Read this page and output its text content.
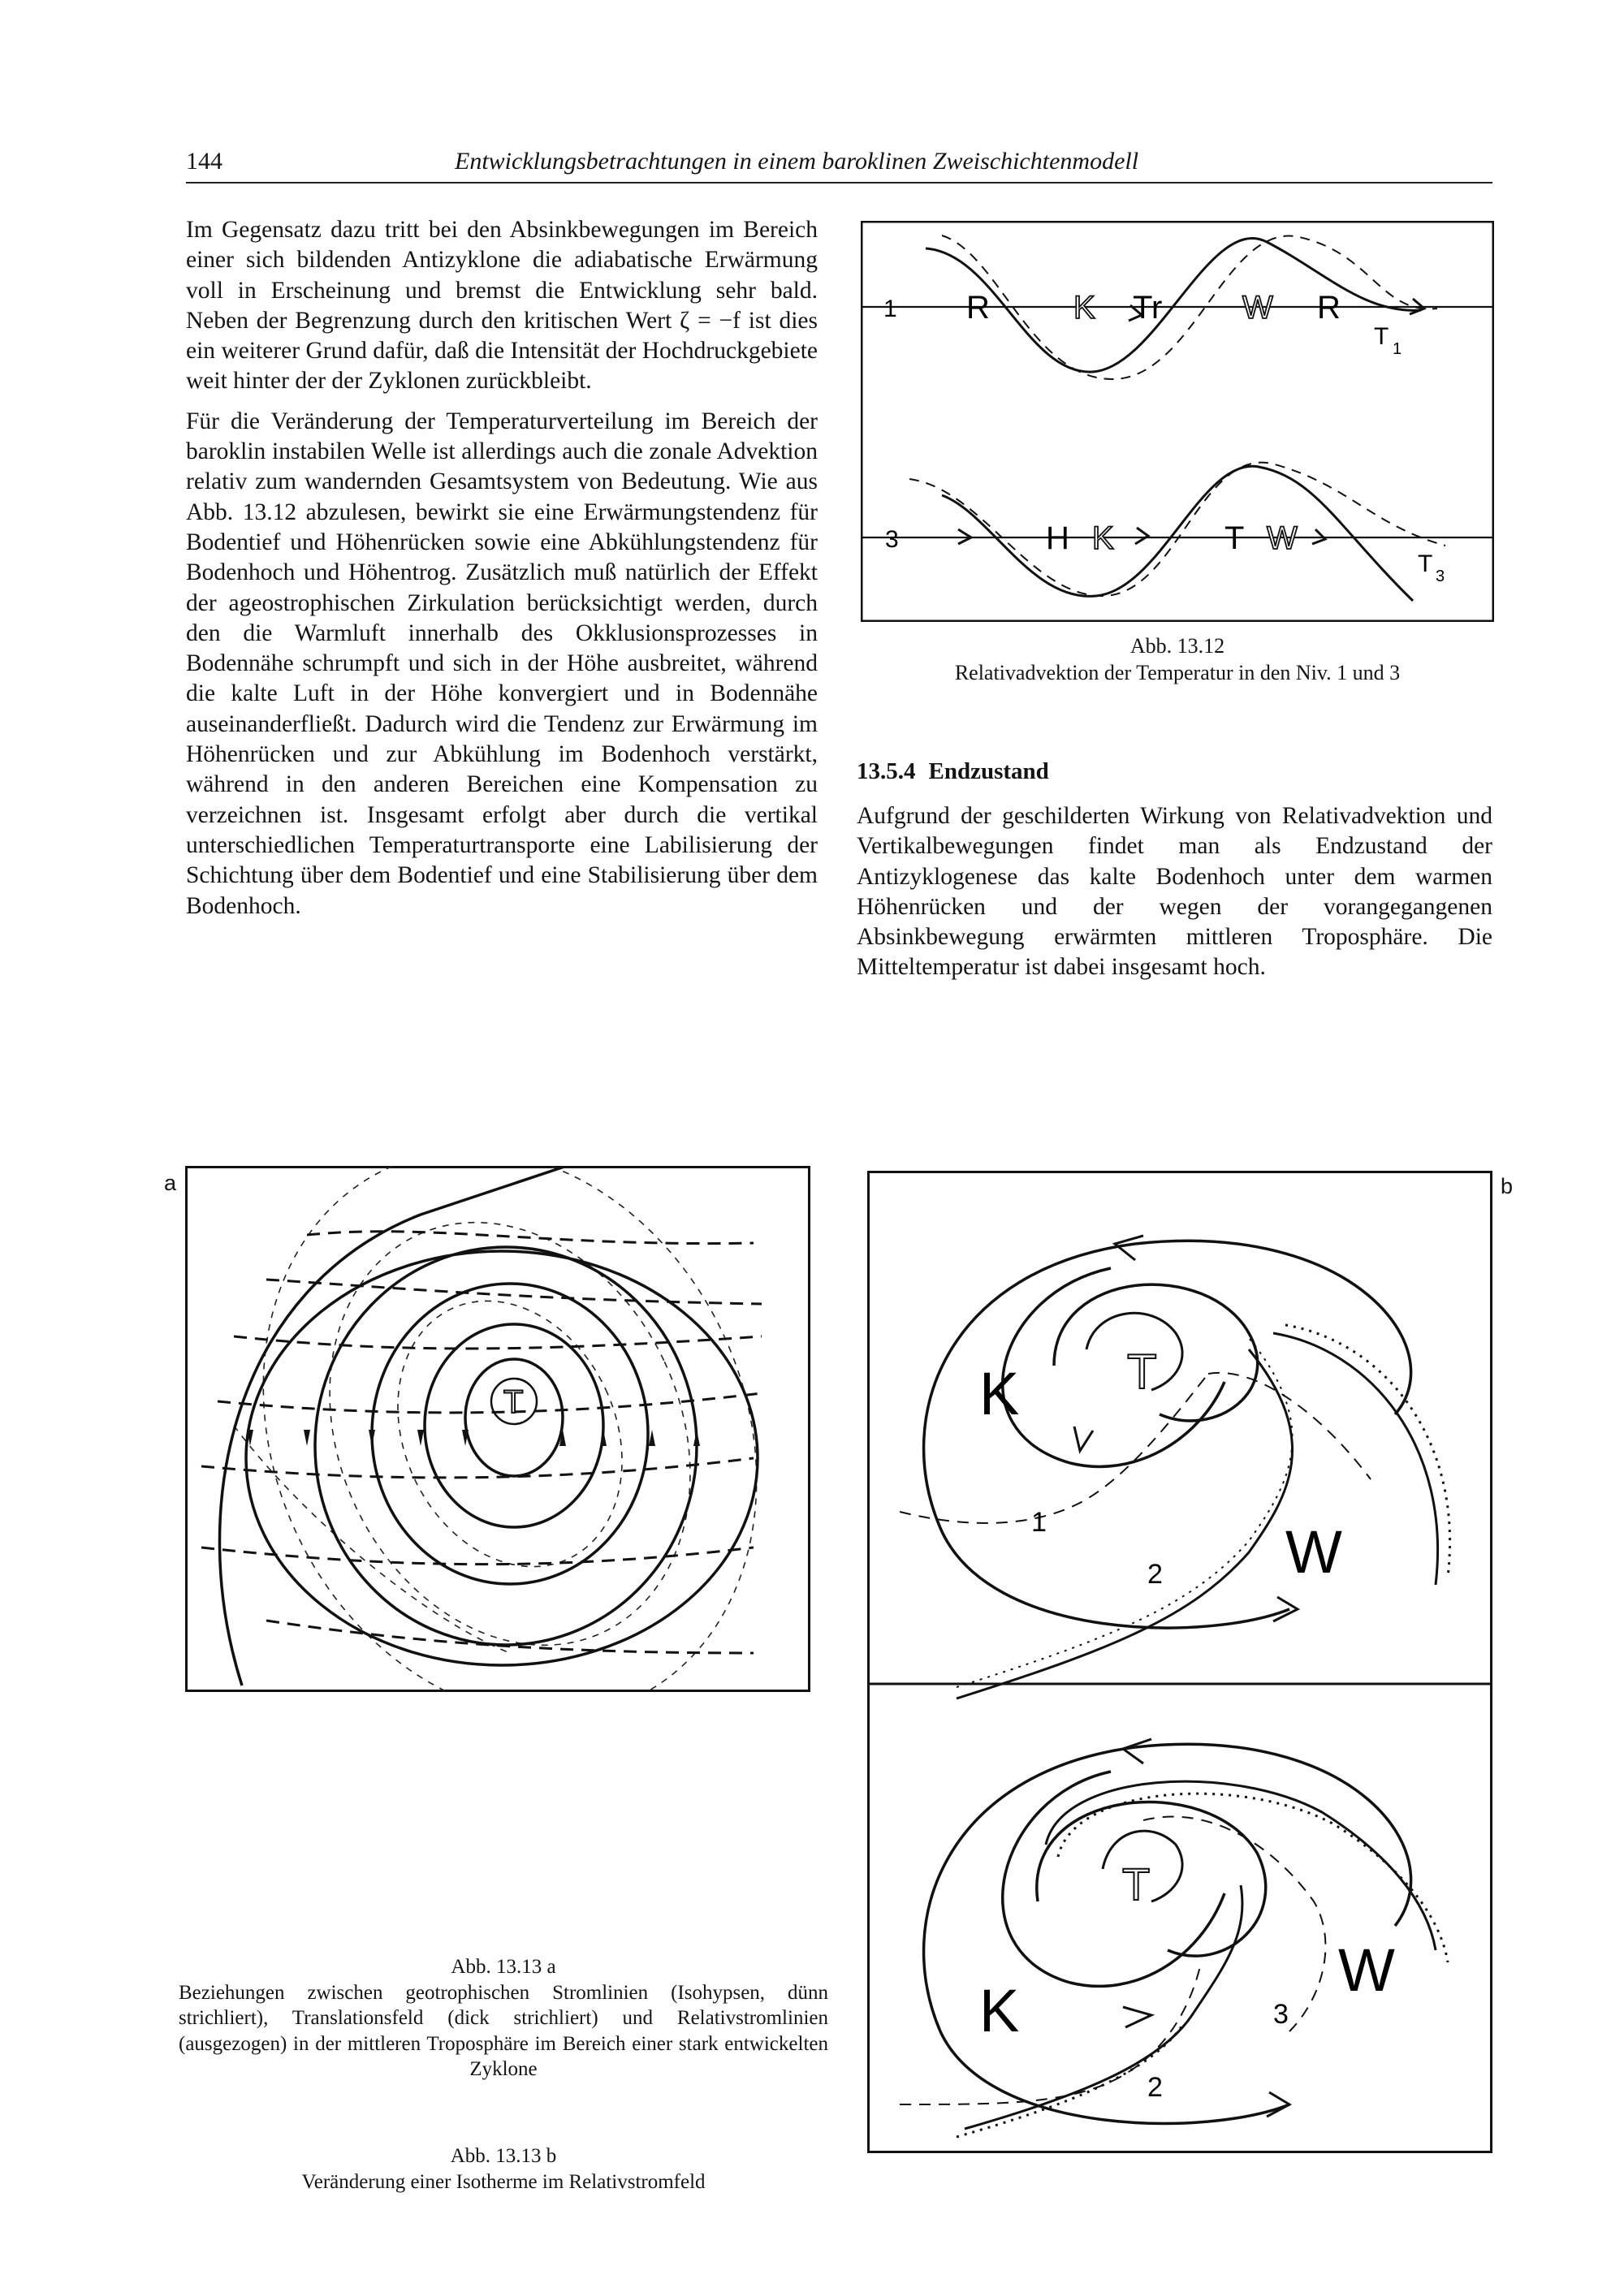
144	Entwicklungsbetrachtungen in einem baroklinen Zweischichtenmodell

Im Gegensatz dazu tritt bei den Absinkbewegungen im Bereich einer sich bildenden Antizyklone die adiabatische Erwärmung voll in Erscheinung und bremst die Entwicklung sehr bald. Neben der Begrenzung durch den kritischen Wert ζ = −f ist dies ein weiterer Grund dafür, daß die Intensität der Hochdruckgebiete weit hinter der der Zyklonen zurückbleibt.

Für die Veränderung der Temperaturverteilung im Bereich der baroklin instabilen Welle ist allerdings auch die zonale Advektion relativ zum wandernden Gesamtsystem von Bedeutung. Wie aus Abb. 13.12 abzulesen, bewirkt sie eine Erwärmungstendenz für Bodentief und Höhenrücken sowie eine Abkühlungstendenz für Bodenhoch und Höhentrog. Zusätzlich muß natürlich der Effekt der ageostrophischen Zirkulation berücksichtigt werden, durch den die Warmluft innerhalb des Okklusionsprozesses in Bodennähe schrumpft und sich in der Höhe ausbreitet, während die kalte Luft in der Höhe konvergiert und in Bodennähe auseinanderfließt. Dadurch wird die Tendenz zur Erwärmung im Höhenrücken und zur Abkühlung im Bodenhoch verstärkt, während in den anderen Bereichen eine Kompensation zu verzeichnen ist. Insgesamt erfolgt aber durch die vertikal unterschiedlichen Temperaturtransporte eine Labilisierung der Schichtung über dem Bodentief und eine Stabilisierung über dem Bodenhoch.

1 R	K Tr W R
T 1
3	H K	T W
T 3
Abb. 13.12
Relativadvektion der Temperatur in den Niv. 1 und 3
13.5.4 Endzustand

Aufgrund der geschilderten Wirkung von Relativadvektion und Vertikalbewegungen findet man als Endzustand der Antizyklogenese das kalte Bodenhoch unter dem warmen Höhenrücken und der wegen der vorangegangenen Absinkbewegung erwärmten mittleren Troposphäre. Die Mitteltemperatur ist dabei insgesamt hoch.

a
T
Abb. 13.13 a
Beziehungen zwischen geotrophischen Stromlinien (Isohypsen, dünn strichliert), Translationsfeld (dick strichliert) und Relativstromlinien (ausgezogen) in der mittleren Troposphäre im Bereich einer stark entwickelten Zyklone
Abb. 13.13 b
Veränderung einer Isotherme im Relativstromfeld
b
K
W
T
1
2
K
W
T
2
3
